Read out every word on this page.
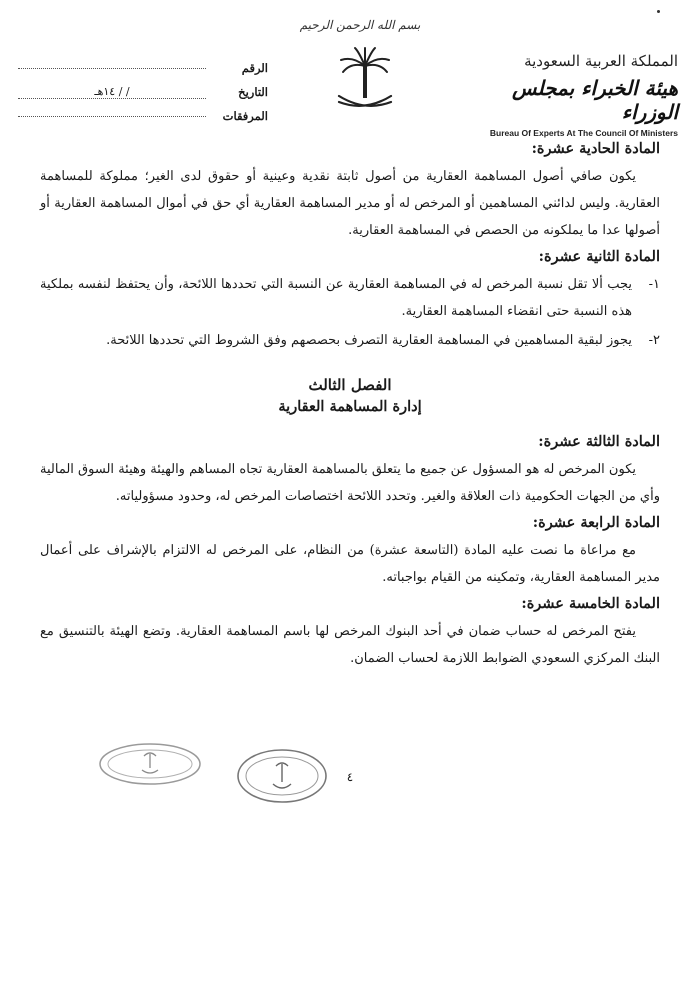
بسم الله الرحمن الرحيم
المملكة العربية السعودية
هيئة الخبراء بمجلس الوزراء
Bureau Of Experts At The Council Of Ministers
الرقم
التاريخ
/ / ١٤هـ
المرفقات

المادة الحادية عشرة:

يكون صافي أصول المساهمة العقارية من أصول ثابتة نقدية وعينية أو حقوق لدى الغير؛ مملوكة للمساهمة العقارية. وليس لدائني المساهمين أو المرخص له أو مدير المساهمة العقارية أي حق في أموال المساهمة العقارية أو أصولها عدا ما يملكونه من الحصص في المساهمة العقارية.

المادة الثانية عشرة:

١-
يجب ألا تقل نسبة المرخص له في المساهمة العقارية عن النسبة التي تحددها اللائحة، وأن يحتفظ لنفسه بملكية هذه النسبة حتى انقضاء المساهمة العقارية.
٢-
يجوز لبقية المساهمين في المساهمة العقارية التصرف بحصصهم وفق الشروط التي تحددها اللائحة.
الفصل الثالث
إدارة المساهمة العقارية

المادة الثالثة عشرة:

يكون المرخص له هو المسؤول عن جميع ما يتعلق بالمساهمة العقارية تجاه المساهم والهيئة وهيئة السوق المالية وأي من الجهات الحكومية ذات العلاقة والغير. وتحدد اللائحة اختصاصات المرخص له، وحدود مسؤولياته.

المادة الرابعة عشرة:

مع مراعاة ما نصت عليه المادة (التاسعة عشرة) من النظام، على المرخص له الالتزام بالإشراف على أعمال مدير المساهمة العقارية، وتمكينه من القيام بواجباته.

المادة الخامسة عشرة:

يفتح المرخص له حساب ضمان في أحد البنوك المرخص لها باسم المساهمة العقارية. وتضع الهيئة بالتنسيق مع البنك المركزي السعودي الضوابط اللازمة لحساب الضمان.

٤
